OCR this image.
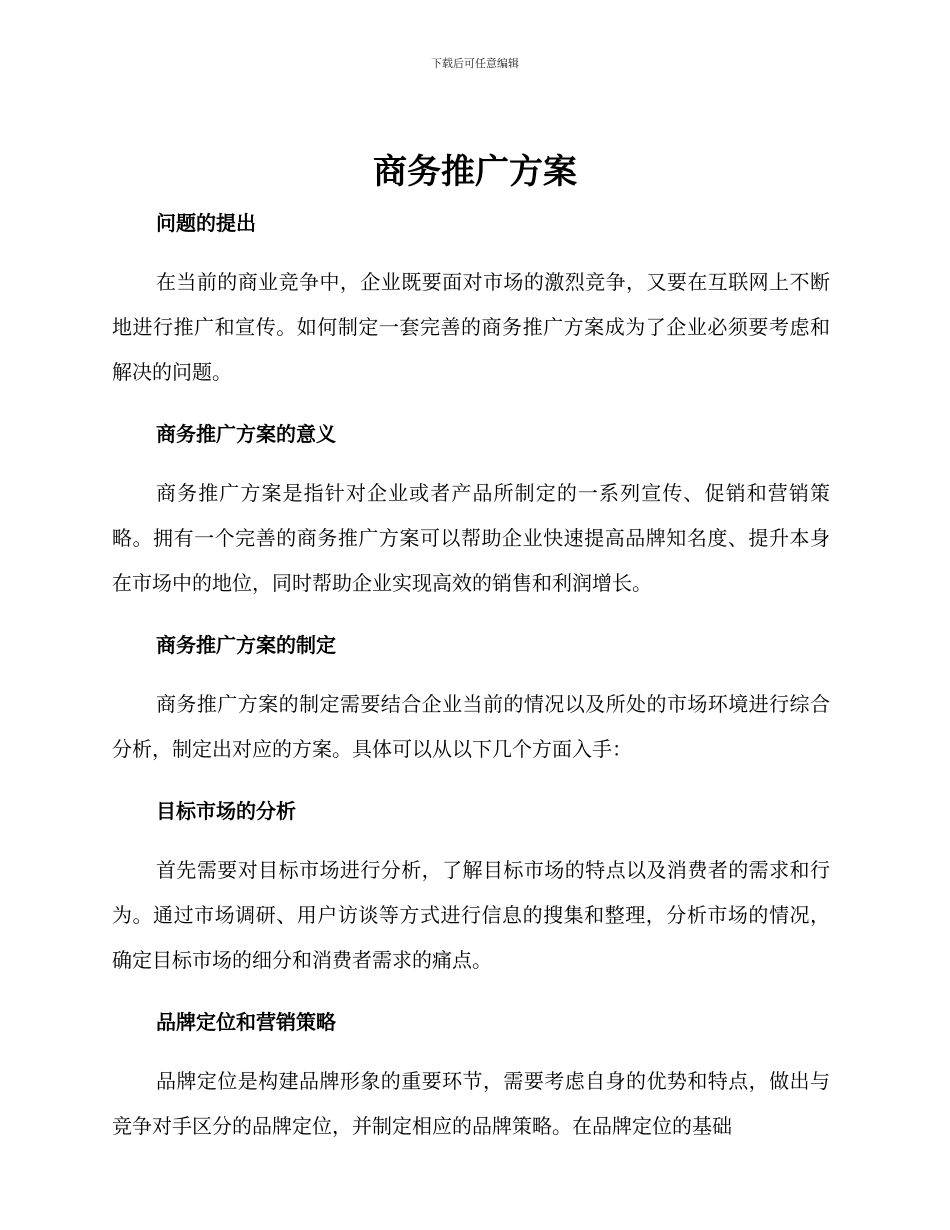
下载后可任意编辑
商务推广方案
问题的提出

在当前的商业竞争中，企业既要面对市场的激烈竞争，又要在互联网上不断地进行推广和宣传。如何制定一套完善的商务推广方案成为了企业必须要考虑和解决的问题。

商务推广方案的意义

商务推广方案是指针对企业或者产品所制定的一系列宣传、促销和营销策略。拥有一个完善的商务推广方案可以帮助企业快速提高品牌知名度、提升本身在市场中的地位，同时帮助企业实现高效的销售和利润增长。

商务推广方案的制定

商务推广方案的制定需要结合企业当前的情况以及所处的市场环境进行综合分析，制定出对应的方案。具体可以从以下几个方面入手：

目标市场的分析

首先需要对目标市场进行分析，了解目标市场的特点以及消费者的需求和行为。通过市场调研、用户访谈等方式进行信息的搜集和整理，分析市场的情况，确定目标市场的细分和消费者需求的痛点。

品牌定位和营销策略

品牌定位是构建品牌形象的重要环节，需要考虑自身的优势和特点，做出与竞争对手区分的品牌定位，并制定相应的品牌策略。在品牌定位的基础
